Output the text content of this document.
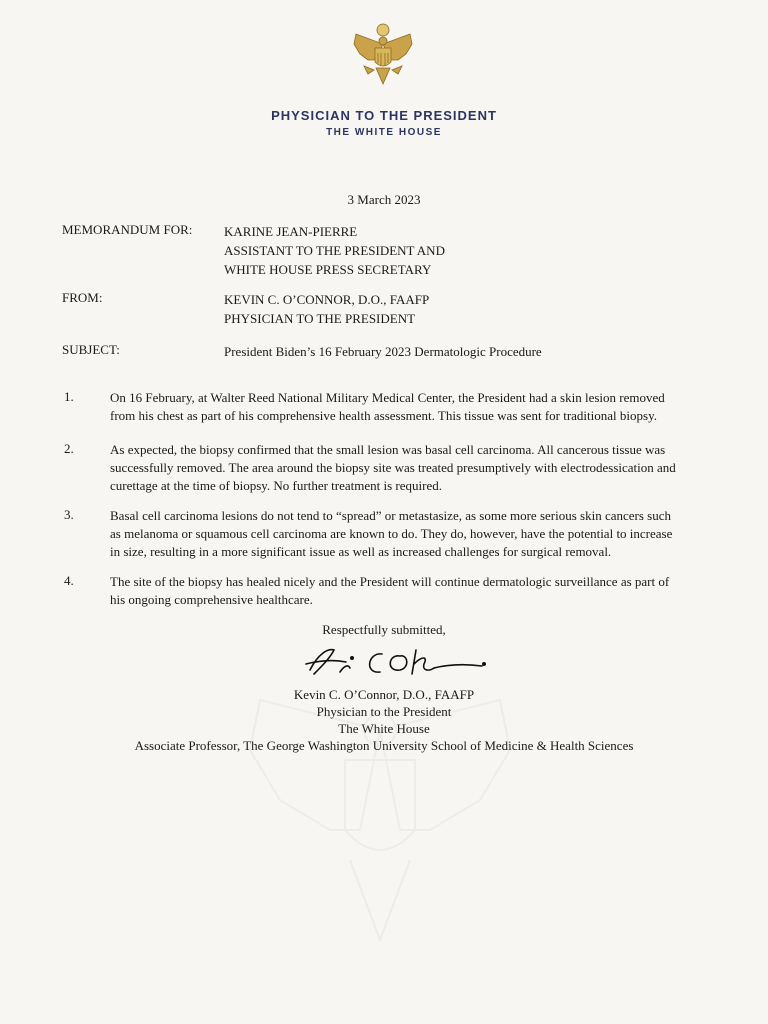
PHYSICIAN TO THE PRESIDENT
THE WHITE HOUSE
3 March 2023
MEMORANDUM FOR: KARINE JEAN-PIERRE
ASSISTANT TO THE PRESIDENT AND
WHITE HOUSE PRESS SECRETARY
FROM:	KEVIN C. O’CONNOR, D.O., FAAFP
PHYSICIAN TO THE PRESIDENT
SUBJECT:	President Biden’s 16 February 2023 Dermatologic Procedure
1.	On 16 February, at Walter Reed National Military Medical Center, the President had a skin lesion removed
from his chest as part of his comprehensive health assessment. This tissue was sent for traditional biopsy.
2.	As expected, the biopsy confirmed that the small lesion was basal cell carcinoma. All cancerous tissue was
successfully removed. The area around the biopsy site was treated presumptively with electrodessication and
curettage at the time of biopsy. No further treatment is required.
3.	Basal cell carcinoma lesions do not tend to “spread” or metastasize, as some more serious skin cancers such
as melanoma or squamous cell carcinoma are known to do. They do, however, have the potential to increase
in size, resulting in a more significant issue as well as increased challenges for surgical removal.
4.	The site of the biopsy has healed nicely and the President will continue dermatologic surveillance as part of
his ongoing comprehensive healthcare.
Respectfully submitted,
Kevin C. O’Connor, D.O., FAAFP
Physician to the President
The White House
Associate Professor, The George Washington University School of Medicine & Health Sciences
